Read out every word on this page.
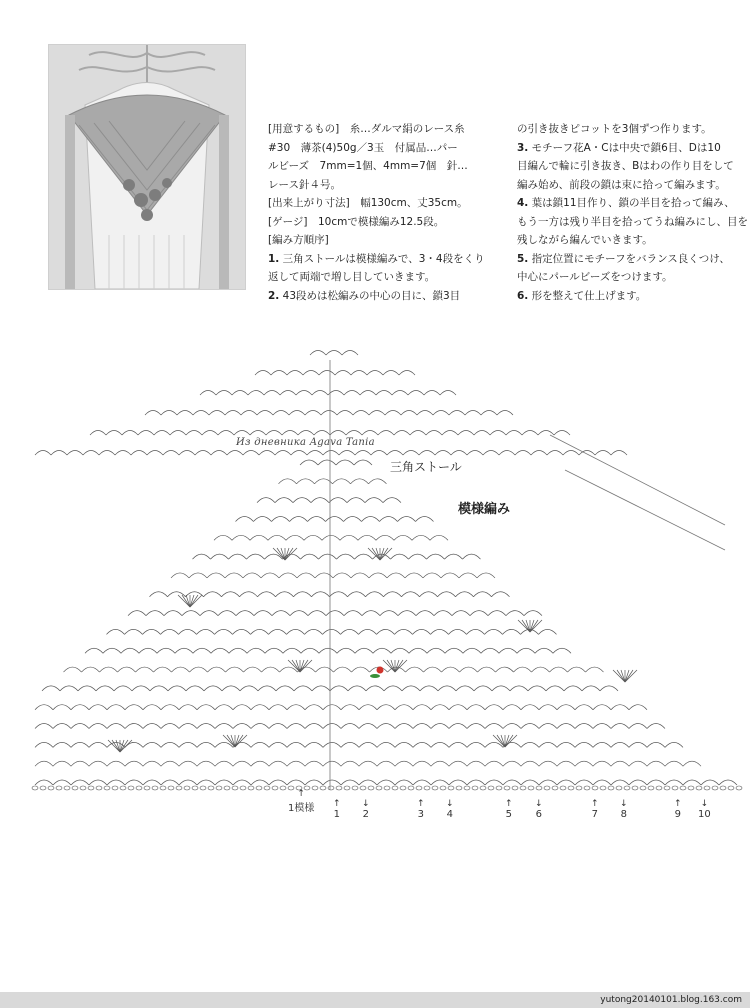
[用意するもの]　糸…ダルマ絹のレース糸

#30　薄茶(4)50g／3玉　付属品…パー

ルビーズ　7mm=1個、4mm=7個　針…

レース針４号。

[出来上がり寸法]　幅130cm、丈35cm。

[ゲージ]　10cmで模様編み12.5段。

[編み方順序]

1. 三角ストールは模様編みで、3・4段をくり

返して両端で増し目していきます。

2. 43段めは松編みの中心の目に、鎖3目

の引き抜きピコットを3個ずつ作ります。

3. モチーフ花A・Cは中央で鎖6目、Dは10

目編んで輪に引き抜き、Bはわの作り目をして

編み始め、前段の鎖は束に拾って編みます。

4. 葉は鎖11目作り、鎖の半目を拾って編み、

もう一方は残り半目を拾ってうね編みにし、目を

残しながら編んでいきます。

5. 指定位置にモチーフをバランス良くつけ、

中心にパールビーズをつけます。

6. 形を整えて仕上げます。

三角ストール
模様編み
Из дневника Agava Tania
↑
1模様 ↑
1
↓
2
↑
3
↓
4
↑
5
↓
6
↑
7
↓
8
↑
9
↓
10
yutong20140101.blog.163.com
